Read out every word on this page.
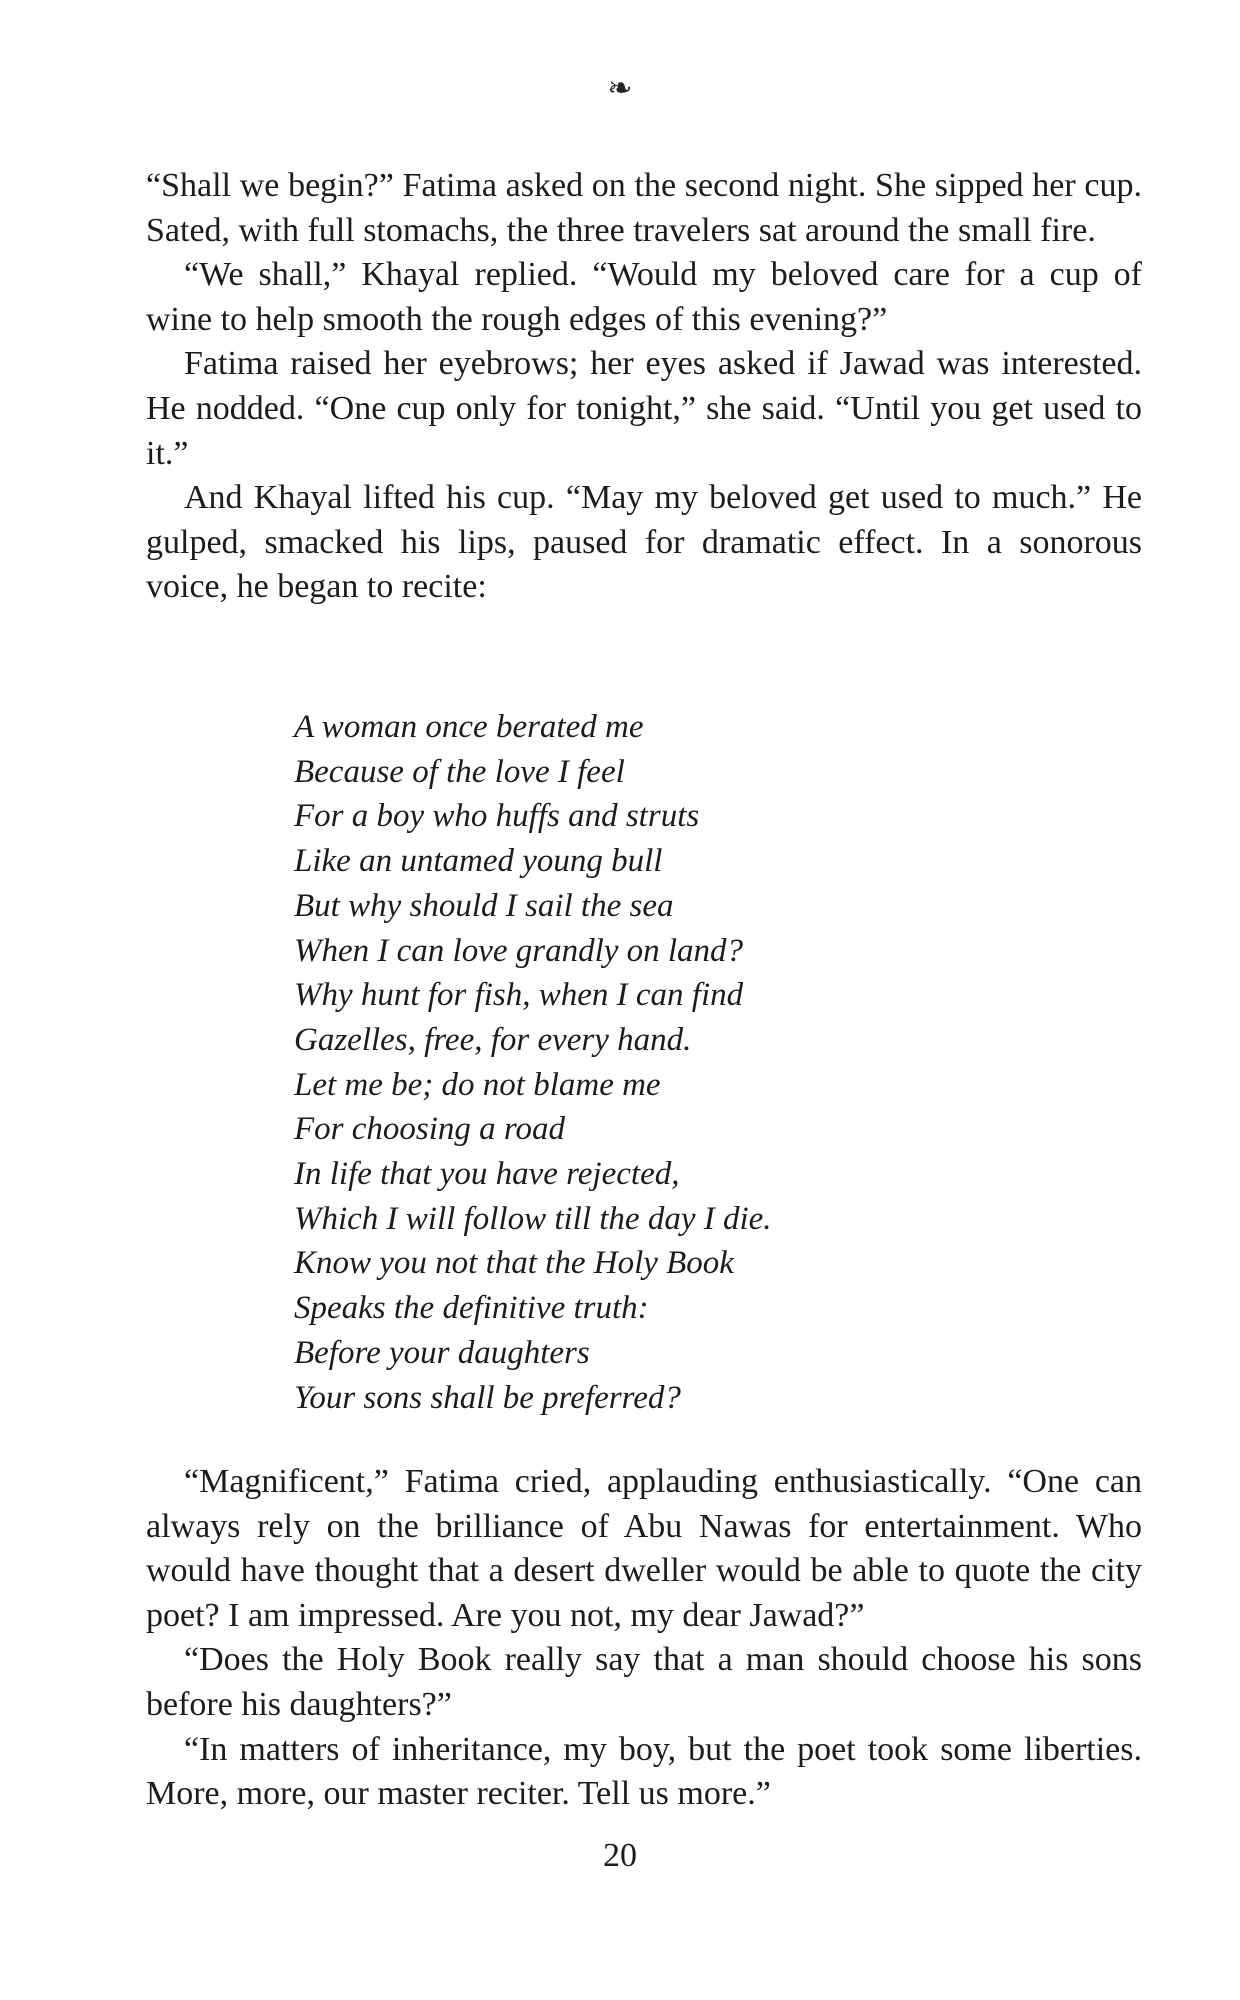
❧

“Shall we begin?” Fatima asked on the second night. She sipped her cup. Sated, with full stomachs, the three travelers sat around the small fire.

“We shall,” Khayal replied. “Would my beloved care for a cup of wine to help smooth the rough edges of this evening?”

Fatima raised her eyebrows; her eyes asked if Jawad was interested. He nodded. “One cup only for tonight,” she said. “Until you get used to it.”

And Khayal lifted his cup. “May my beloved get used to much.” He gulped, smacked his lips, paused for dramatic effect. In a sonorous voice, he began to recite:

A woman once berated me
Because of the love I feel
For a boy who huffs and struts
Like an untamed young bull
But why should I sail the sea
When I can love grandly on land?
Why hunt for fish, when I can find
Gazelles, free, for every hand.
Let me be; do not blame me
For choosing a road
In life that you have rejected,
Which I will follow till the day I die.
Know you not that the Holy Book
Speaks the definitive truth:
Before your daughters
Your sons shall be preferred?

“Magnificent,” Fatima cried, applauding enthusiastically. “One can always rely on the brilliance of Abu Nawas for entertainment. Who would have thought that a desert dweller would be able to quote the city poet? I am impressed. Are you not, my dear Jawad?”

“Does the Holy Book really say that a man should choose his sons before his daughters?”

“In matters of inheritance, my boy, but the poet took some liberties. More, more, our master reciter. Tell us more.”

20
